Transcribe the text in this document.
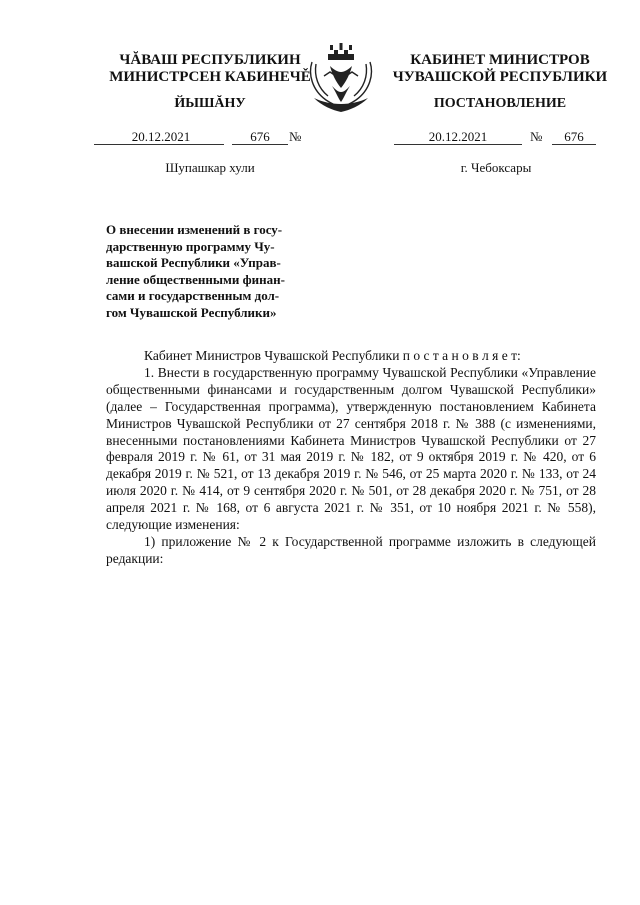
ЧĂВАШ РЕСПУБЛИКИН
МИНИСТРСЕН КАБИНЕЧĚ
КАБИНЕТ МИНИСТРОВ
ЧУВАШСКОЙ РЕСПУБЛИКИ
ЙЫШĂНУ	ПОСТАНОВЛЕНИЕ
20.12.2021	676	№	20.12.2021	№	676
Шупашкар хули	г. Чебоксары
О внесении изменений в госу-
дарственную программу Чу-
вашской Республики «Управ-
ление общественными финан-
сами и государственным дол-
гом Чувашской Республики»

Кабинет Министров Чувашской Республики п о с т а н о в л я е т:

1. Внести в государственную программу Чувашской Республики «Управление общественными финансами и государственным долгом Чувашской Республики» (далее – Государственная программа), утвержденную постановлением Кабинета Министров Чувашской Республики от 27 сентября 2018 г. № 388 (с изменениями, внесенными постановлениями Кабинета Министров Чувашской Республики от 27 февраля 2019 г. № 61, от 31 мая 2019 г. № 182, от 9 октября 2019 г. № 420, от 6 декабря 2019 г. № 521, от 13 декабря 2019 г. № 546, от 25 марта 2020 г. № 133, от 24 июля 2020 г. № 414, от 9 сентября 2020 г. № 501, от 28 декабря 2020 г. № 751, от 28 апреля 2021 г. № 168, от 6 августа 2021 г. № 351, от 10 ноября 2021 г. № 558), следующие изменения:

1) приложение № 2 к Государственной программе изложить в следующей редакции:
